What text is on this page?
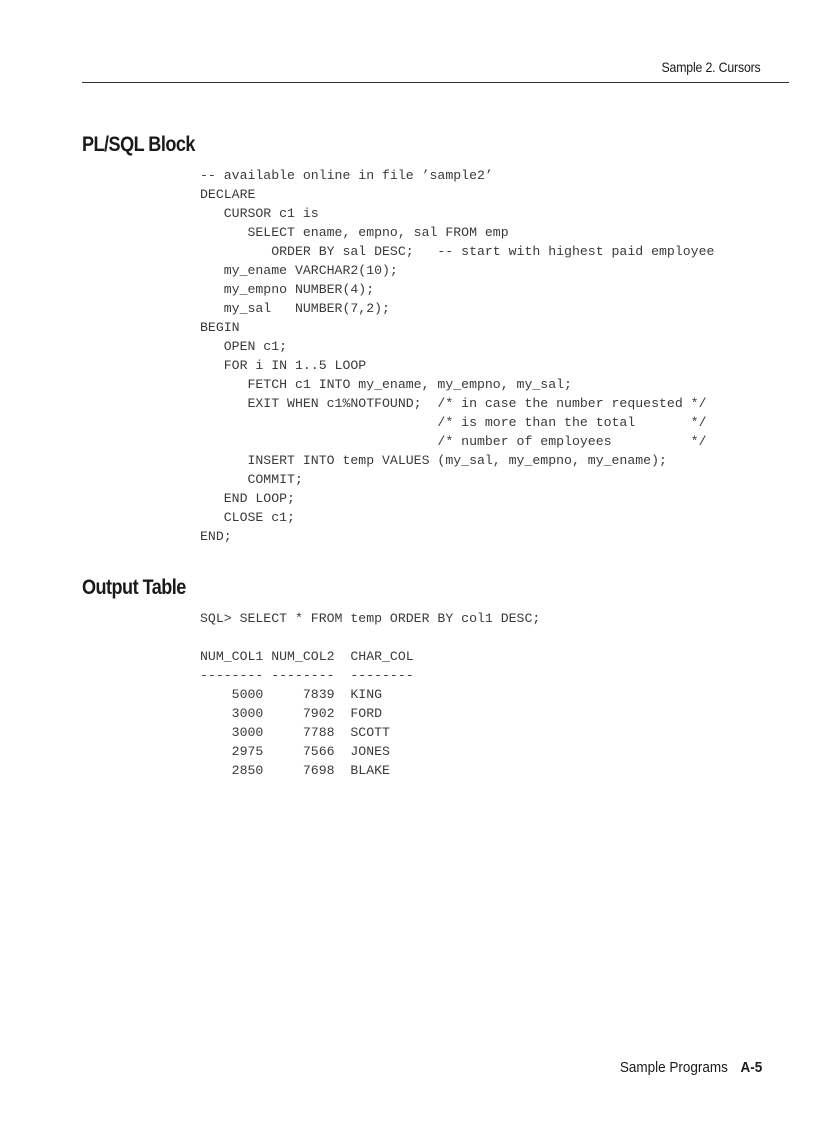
Sample 2. Cursors
PL/SQL Block
-- available online in file ’sample2’
DECLARE
CURSOR c1 is
SELECT ename, empno, sal FROM emp
ORDER BY sal DESC;   -- start with highest paid employee
my_ename VARCHAR2(10);
my_empno NUMBER(4);
my_sal   NUMBER(7,2);
BEGIN
OPEN c1;
FOR i IN 1..5 LOOP
FETCH c1 INTO my_ename, my_empno, my_sal;
EXIT WHEN c1%NOTFOUND;  /* in case the number requested */
/* is more than the total       */
/* number of employees          */
INSERT INTO temp VALUES (my_sal, my_empno, my_ename);
COMMIT;
END LOOP;
CLOSE c1;
END;
Output Table
SQL> SELECT * FROM temp ORDER BY col1 DESC;
NUM_COL1 NUM_COL2  CHAR_COL
-------- --------  --------
5000     7839  KING
3000     7902  FORD
3000     7788  SCOTT
2975     7566  JONES
2850     7698  BLAKE
Sample Programs A-5
